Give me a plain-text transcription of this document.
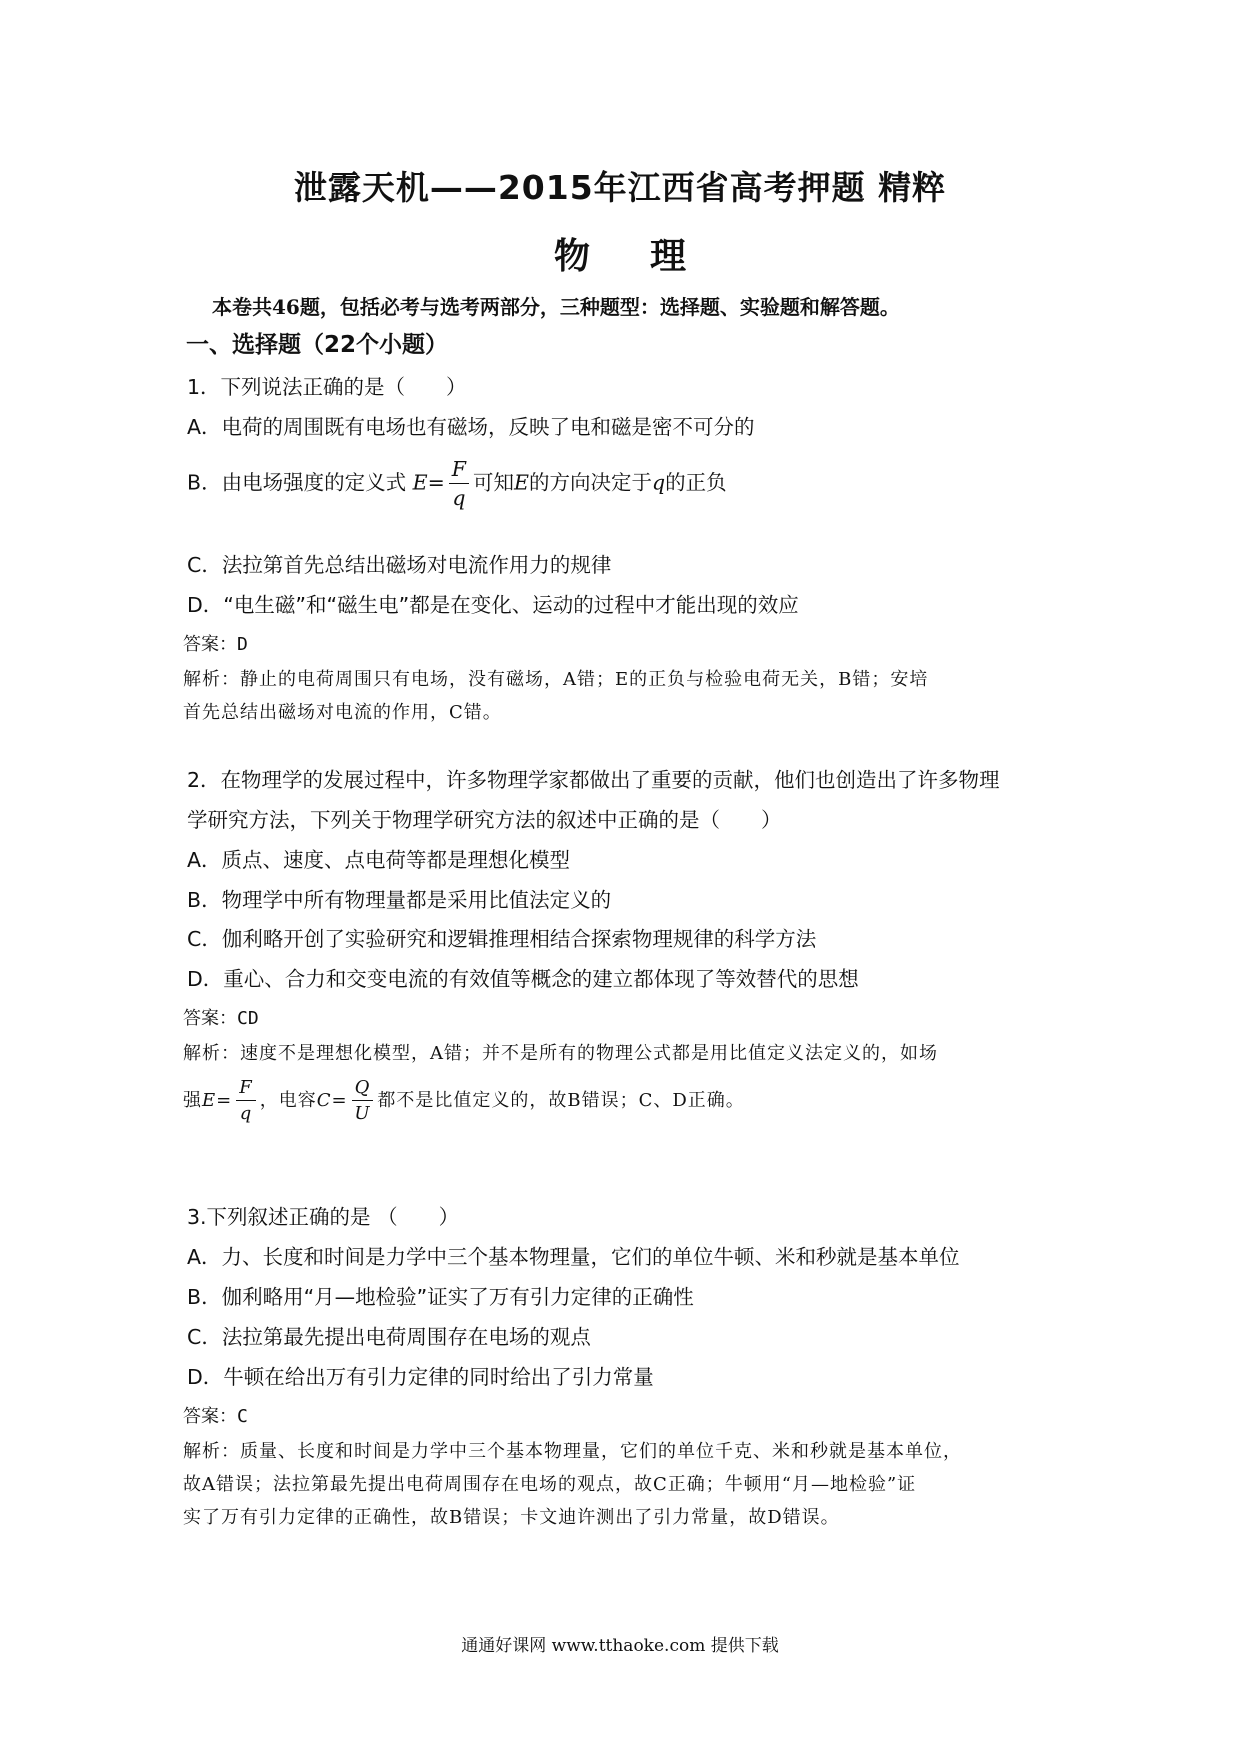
泄露天机——2015年江西省高考押题 精粹
物理
本卷共46题，包括必考与选考两部分，三种题型：选择题、实验题和解答题。
一、选择题（22个小题）
1．下列说法正确的是（　　）
A．电荷的周围既有电场也有磁场，反映了电和磁是密不可分的
B．由电场强度的定义式 $E= \frac{F}{q}$ 可知E的方向决定于q的正负
C．法拉第首先总结出磁场对电流作用力的规律
D．“电生磁”和“磁生电”都是在变化、运动的过程中才能出现的效应
答案：D
解析：静止的电荷周围只有电场，没有磁场，A错；E的正负与检验电荷无关，B错；安培
首先总结出磁场对电流的作用，C错。
2．在物理学的发展过程中，许多物理学家都做出了重要的贡献，他们也创造出了许多物理
学研究方法，下列关于物理学研究方法的叙述中正确的是（　　）
A．质点、速度、点电荷等都是理想化模型
B．物理学中所有物理量都是采用比值法定义的
C．伽利略开创了实验研究和逻辑推理相结合探索物理规律的科学方法
D．重心、合力和交变电流的有效值等概念的建立都体现了等效替代的思想
答案：CD
解析：速度不是理想化模型，A错；并不是所有的物理公式都是用比值定义法定义的，如场
强$E= \frac{F}{q}$ ，电容$C= \frac{Q}{U}$ 都不是比值定义的，故B错误；C、D正确。
3.下列叙述正确的是 （　　）
A．力、长度和时间是力学中三个基本物理量，它们的单位牛顿、米和秒就是基本单位
B．伽利略用“月—地检验”证实了万有引力定律的正确性
C．法拉第最先提出电荷周围存在电场的观点
D．牛顿在给出万有引力定律的同时给出了引力常量
答案：C
解析：质量、长度和时间是力学中三个基本物理量，它们的单位千克、米和秒就是基本单位，
故A错误；法拉第最先提出电荷周围存在电场的观点，故C正确；牛顿用“月—地检验”证
实了万有引力定律的正确性，故B错误；卡文迪许测出了引力常量，故D错误。
通通好课网 www.tthaoke.com 提供下载
